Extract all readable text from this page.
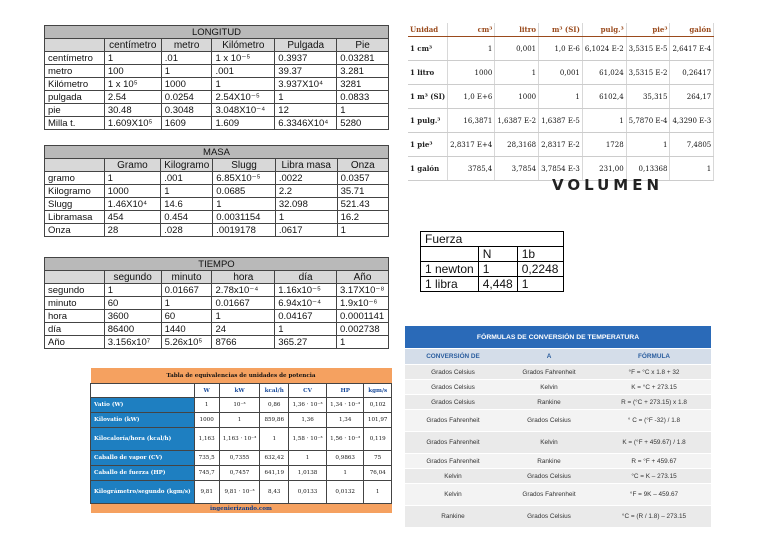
LONGITUD					
	centímetro	metro	Kilómetro	Pulgada	Pie
centímetro	1	.01	1 x 10⁻⁵	0.3937	0.03281
metro	100	1	.001	39.37	3.281
Kilómetro	1 x 10⁵	1000	1	3.937X10⁴	3281
pulgada	2.54	0.0254	2.54X10⁻⁵	1	0.0833
pie	30.48	0.3048	3.048X10⁻⁴	12	1
Milla t.	1.609X10⁵	1609	1.609	6.3346X10⁴	5280
MASA					
	Gramo	Kilogramo	Slugg	Libra masa	Onza
gramo	1	.001	6.85X10⁻⁵	.0022	0.0357
Kilogramo	1000	1	0.0685	2.2	35.71
Slugg	1.46X10⁴	14.6	1	32.098	521.43
Libramasa	454	0.454	0.0031154	1	16.2
Onza	28	.028	.0019178	.0617	1
TIEMPO					
	segundo	minuto	hora	día	Año
segundo	1	0.01667	2.78x10⁻⁴	1.16x10⁻⁵	3.17X10⁻⁸
minuto	60	1	0.01667	6.94x10⁻⁴	1.9x10⁻⁶
hora	3600	60	1	0.04167	0.0001141
día	86400	1440	24	1	0.002738
Año	3.156x10⁷	5.26x10⁵	8766	365.27	1
Unidad	cm³	litro	m³ (SI)	pulg.³	pie³	galón
1 cm³	1	0,001	1,0 E-6	6,1024 E-2	3,5315 E-5	2,6417 E-4
1 litro	1000	1	0,001	61,024	3,5315 E-2	0,26417
1 m³ (SI)	1,0 E+6	1000	1	6102,4	35,315	264,17
1 pulg.³	16,3871	1,6387 E-2	1,6387 E-5	1	5,7870 E-4	4,3290 E-3
1 pie³	2,8317 E+4	28,3168	2,8317 E-2	1728	1	7,4805
1 galón	3785,4	3,7854	3,7854 E-3	231,00	0,13368	1
VOLUMEN
Fuerza		
	N	1b
1 newton	1	0,2248
1 libra	4,448	1
Tabla de equivalencias de unidades de potencia						
	W	kW	kcal/h	CV	HP	kgm/s
Vatio (W)	1	10⁻³	0,86	1,36 · 10⁻³	1,34 · 10⁻³	0,102
Kilovatio (kW)	1000	1	859,86	1,36	1,34	101,97
Kilocaloría/hora (kcal/h)	1,163	1,163 · 10⁻³	1	1,58 · 10⁻³	1,56 · 10⁻³	0,119
Caballo de vapor (CV)	735,5	0,7355	632,42	1	0,9863	75
Caballo de fuerza (HP)	745,7	0,7457	641,19	1,0138	1	76,04
Kilográmetro/segundo (kgm/s)	9,81	9,81 · 10⁻³	8,43	0,0133	0,0132	1
ingenierizando.com						
FÓRMULAS DE CONVERSIÓN DE TEMPERATURA		
CONVERSIÓN DE	A	FÓRMULA
Grados Celsius	Grados Fahrenheit	°F = °C x 1.8 + 32
Grados Celsius	Kelvin	K = °C + 273.15
Grados Celsius	Rankine	R = (°C + 273.15) x 1.8
Grados Fahrenheit	Grados Celsius	° C = (°F -32) / 1.8
Grados Fahrenheit	Kelvin	K = (°F + 459.67) / 1.8
Grados Fahrenheit	Rankine	R = °F + 459.67
Kelvin	Grados Celsius	°C = K – 273.15
Kelvin	Grados Fahrenheit	°F = 9K – 459.67
Rankine	Grados Celsius	°C = (R / 1.8) – 273.15
